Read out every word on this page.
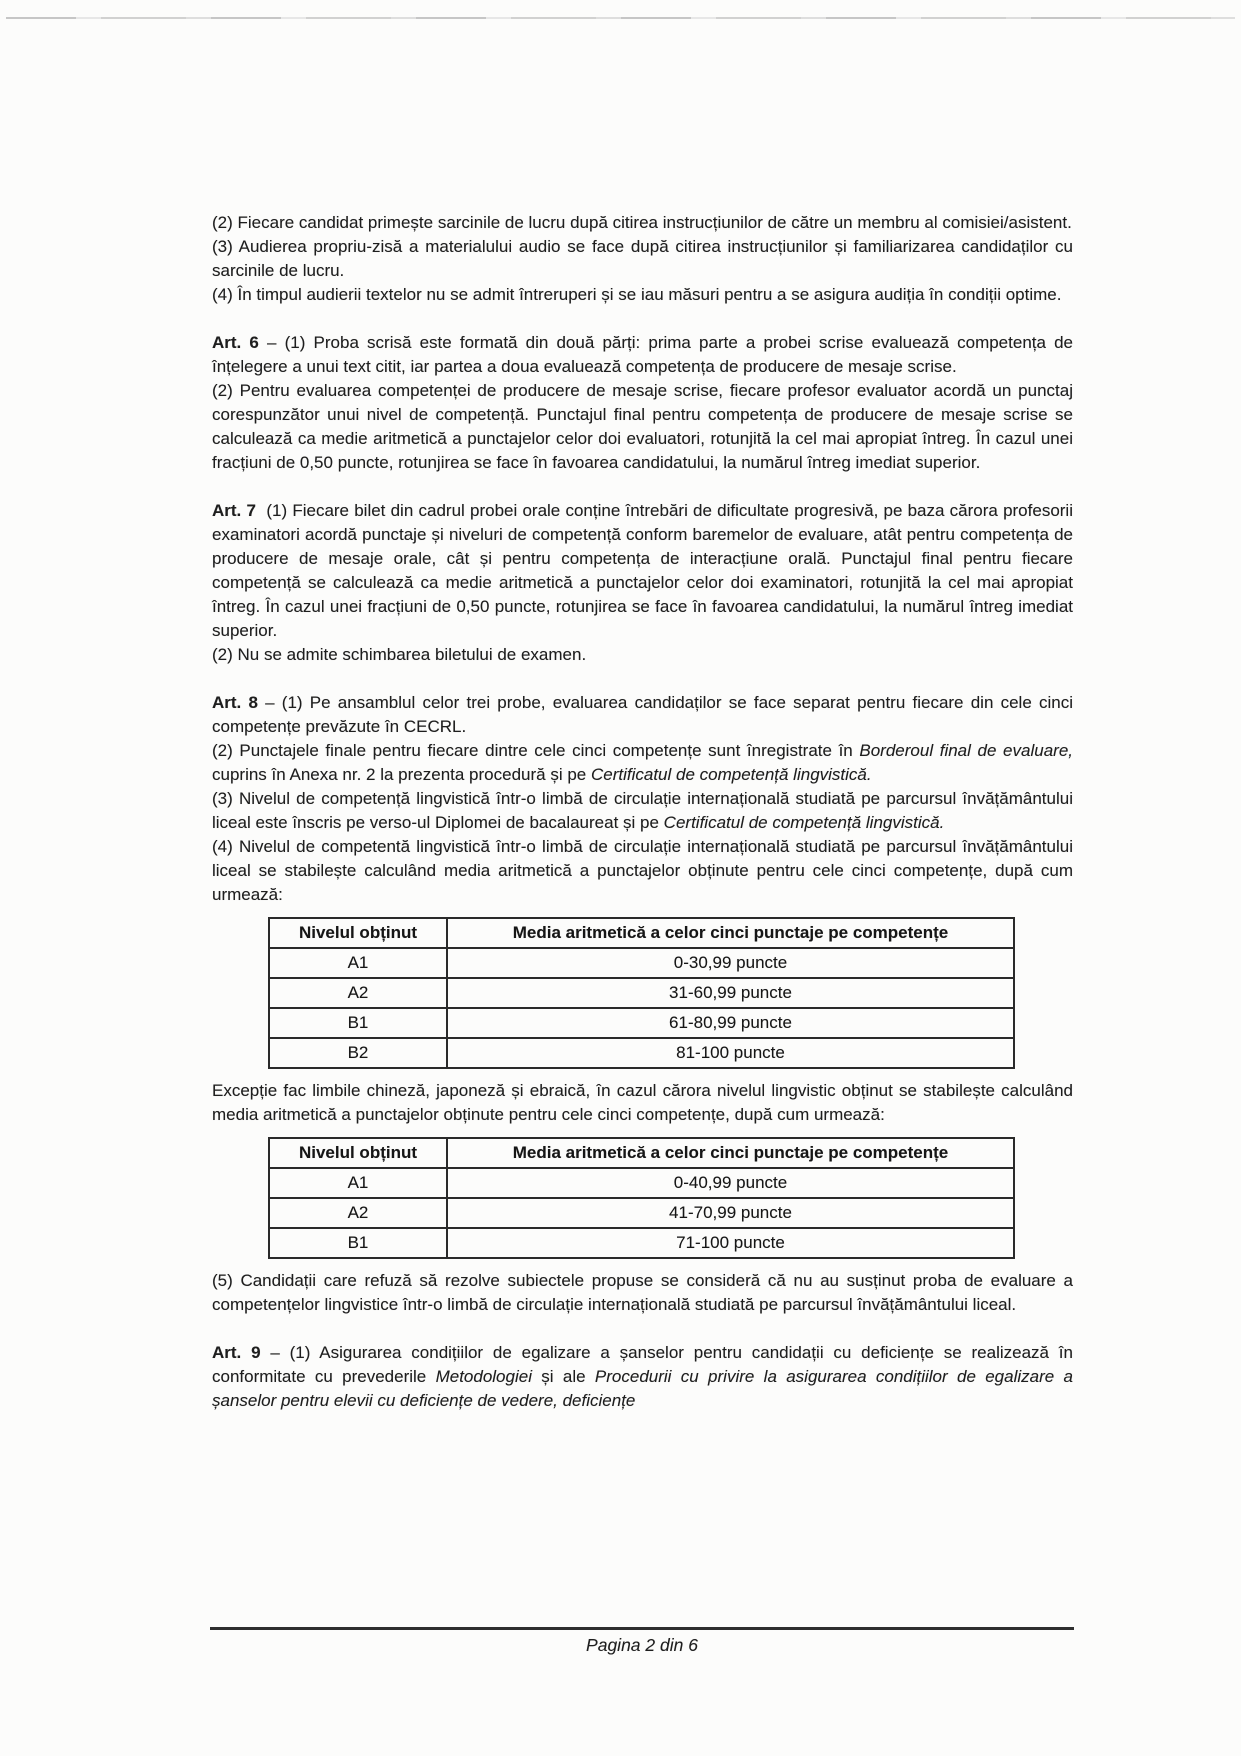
(2) Fiecare candidat primește sarcinile de lucru după citirea instrucțiunilor de către un membru al comisiei/asistent.

(3) Audierea propriu-zisă a materialului audio se face după citirea instrucțiunilor și familiarizarea candidaților cu sarcinile de lucru.

(4) În timpul audierii textelor nu se admit întreruperi și se iau măsuri pentru a se asigura audiția în condiții optime.

Art. 6 – (1) Proba scrisă este formată din două părți: prima parte a probei scrise evaluează competența de înțelegere a unui text citit, iar partea a doua evaluează competența de producere de mesaje scrise.

(2) Pentru evaluarea competenței de producere de mesaje scrise, fiecare profesor evaluator acordă un punctaj corespunzător unui nivel de competență. Punctajul final pentru competența de producere de mesaje scrise se calculează ca medie aritmetică a punctajelor celor doi evaluatori, rotunjită la cel mai apropiat întreg. În cazul unei fracțiuni de 0,50 puncte, rotunjirea se face în favoarea candidatului, la numărul întreg imediat superior.

Art. 7  (1) Fiecare bilet din cadrul probei orale conține întrebări de dificultate progresivă, pe baza cărora profesorii examinatori acordă punctaje și niveluri de competență conform baremelor de evaluare, atât pentru competența de producere de mesaje orale, cât și pentru competența de interacțiune orală. Punctajul final pentru fiecare competență se calculează ca medie aritmetică a punctajelor celor doi examinatori, rotunjită la cel mai apropiat întreg. În cazul unei fracțiuni de 0,50 puncte, rotunjirea se face în favoarea candidatului, la numărul întreg imediat superior.

(2) Nu se admite schimbarea biletului de examen.

Art. 8 – (1) Pe ansamblul celor trei probe, evaluarea candidaților se face separat pentru fiecare din cele cinci competențe prevăzute în CECRL.

(2) Punctajele finale pentru fiecare dintre cele cinci competențe sunt înregistrate în Borderoul final de evaluare, cuprins în Anexa nr. 2 la prezenta procedură și pe Certificatul de competență lingvistică.

(3) Nivelul de competență lingvistică într-o limbă de circulație internațională studiată pe parcursul învățământului liceal este înscris pe verso-ul Diplomei de bacalaureat și pe Certificatul de competență lingvistică.

(4) Nivelul de competentă lingvistică într-o limbă de circulație internațională studiată pe parcursul învățământului liceal se stabilește calculând media aritmetică a punctajelor obținute pentru cele cinci competențe, după cum urmează:

Nivelul obținut	Media aritmetică a celor cinci punctaje pe competențe
A1	0-30,99 puncte
A2	31-60,99 puncte
B1	61-80,99 puncte
B2	81-100 puncte

Excepție fac limbile chineză, japoneză și ebraică, în cazul cărora nivelul lingvistic obținut se stabilește calculând media aritmetică a punctajelor obținute pentru cele cinci competențe, după cum urmează:

Nivelul obținut	Media aritmetică a celor cinci punctaje pe competențe
A1	0-40,99 puncte
A2	41-70,99 puncte
B1	71-100 puncte

(5) Candidații care refuză să rezolve subiectele propuse se consideră că nu au susținut proba de evaluare a competențelor lingvistice într-o limbă de circulație internațională studiată pe parcursul învățământului liceal.

Art. 9 – (1) Asigurarea condițiilor de egalizare a șanselor pentru candidații cu deficiențe se realizează în conformitate cu prevederile Metodologiei și ale Procedurii cu privire la asigurarea condițiilor de egalizare a șanselor pentru elevii cu deficiențe de vedere, deficiențe

Pagina 2 din 6
